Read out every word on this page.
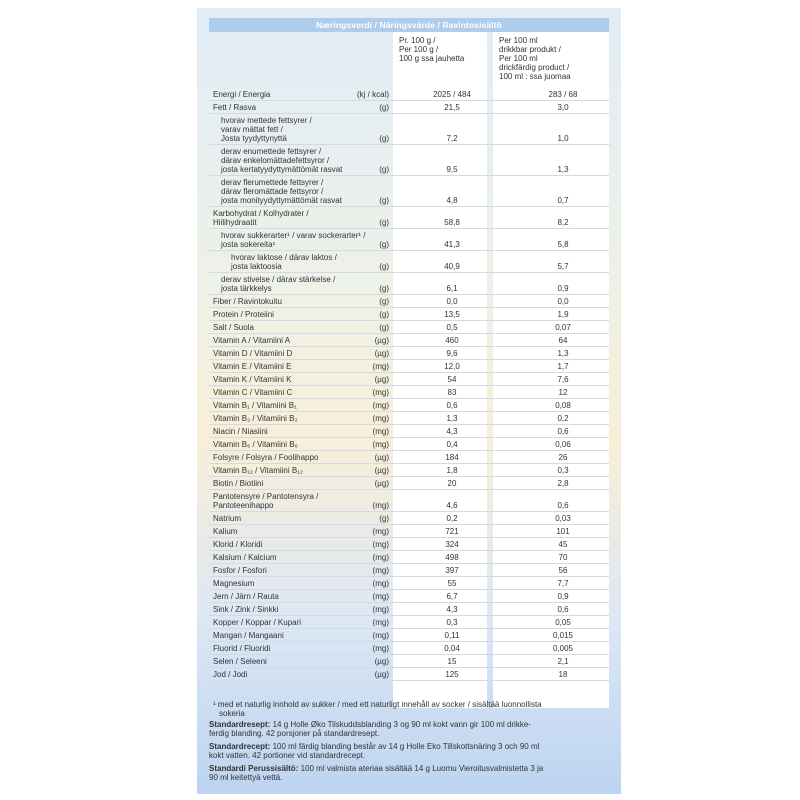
Næringsverdi / Näringsvärde / Ravintosisältö
Pr. 100 g /
Per 100 g /
100 g ssa jauhetta
Per 100 ml
drikkbar produkt /
Per 100 ml
drickfärdig product /
100 ml : ssa juomaa
Energi / Energia	(kj / kcal)	2025 / 484	283 / 68
Fett / Rasva	(g)	21,5	3,0
hvorav mettede fettsyrer /
varav mättat fett /
Josta tyydyttynyttä	(g)	7,2	1,0
derav enumettede fettsyrer /
därav enkelomättadefettsyror /
josta kertatyydyttymättömät rasvat	(g)	9,5	1,3
derav flerumettede fettsyrer /
därav fleromättade fettsyror /
josta monityydyttymättömät rasvat	(g)	4,8	0,7
Karbohydrat / Kolhydrater /
Hiilihydraatit	(g)	58,8	8,2
hvorav sukkerarter¹ / varav sockerarter¹ /
josta sokereita¹	(g)	41,3	5,8
hvorav laktose / därav laktos /
josta laktoosia	(g)	40,9	5,7
derav stivelse / därav stärkelse /
josta tärkkelys	(g)	6,1	0,9
Fiber / Ravintokuitu	(g)	0,0	0,0
Protein / Proteiini	(g)	13,5	1,9
Salt / Suola	(g)	0,5	0,07
Vitamin A / Vitamiini A	(µg)	460	64
Vitamin D / Vitamiini D	(µg)	9,6	1,3
Vitamin E / Vitamiini E	(mg)	12,0	1,7
Vitamin K / Vitamiini K	(µg)	54	7,6
Vitamin C / Vitamiini C	(mg)	83	12
Vitamin B₁ / Vitamiini B₁	(mg)	0,6	0,08
Vitamin B₂ / Vitamiini B₂	(mg)	1,3	0,2
Niacin / Niasiini	(mg)	4,3	0,6
Vitamin B₆ / Vitamiini B₆	(mg)	0,4	0,06
Folsyre / Folsyra / Foolihappo	(µg)	184	26
Vitamin B₁₂ / Vitamiini B₁₂	(µg)	1,8	0,3
Biotin / Biotiini	(µg)	20	2,8
Pantotensyre / Pantotensyra /
Pantoteenihappo	(mg)	4,6	0,6
Natrium	(g)	0,2	0,03
Kalium	(mg)	721	101
Klorid / Kloridi	(mg)	324	45
Kalsium / Kalcium	(mg)	498	70
Fosfor / Fosfori	(mg)	397	56
Magnesium	(mg)	55	7,7
Jern / Järn / Rauta	(mg)	6,7	0,9
Sink / Zink / Sinkki	(mg)	4,3	0,6
Kopper / Koppar / Kupari	(mg)	0,3	0,05
Mangan / Mangaani	(mg)	0,11	0,015
Fluorid / Fluoridi	(mg)	0,04	0,005
Selen / Seleeni	(µg)	15	2,1
Jod / Jodi	(µg)	125	18
¹ med et naturlig innhold av sukker / med ett naturligt innehåll av socker / sisältää luonnollista
sokeria
Standardresept: 14 g Holle Øko Tilskuddsblanding 3 og 90 ml kokt vann gir 100 ml drikke-
ferdig blanding. 42 porsjoner på standardresept.
Standardrecept: 100 ml färdig blanding består av 14 g Holle Eko Tillskottsnäring 3 och 90 ml
kokt vatten. 42 portioner vid standardrecept.
Standardi Perussisältö: 100 ml valmista ateriaa sisältää 14 g Luomu Vieroitusvalmistetta 3 ja
90 ml keitettyä vettä.
